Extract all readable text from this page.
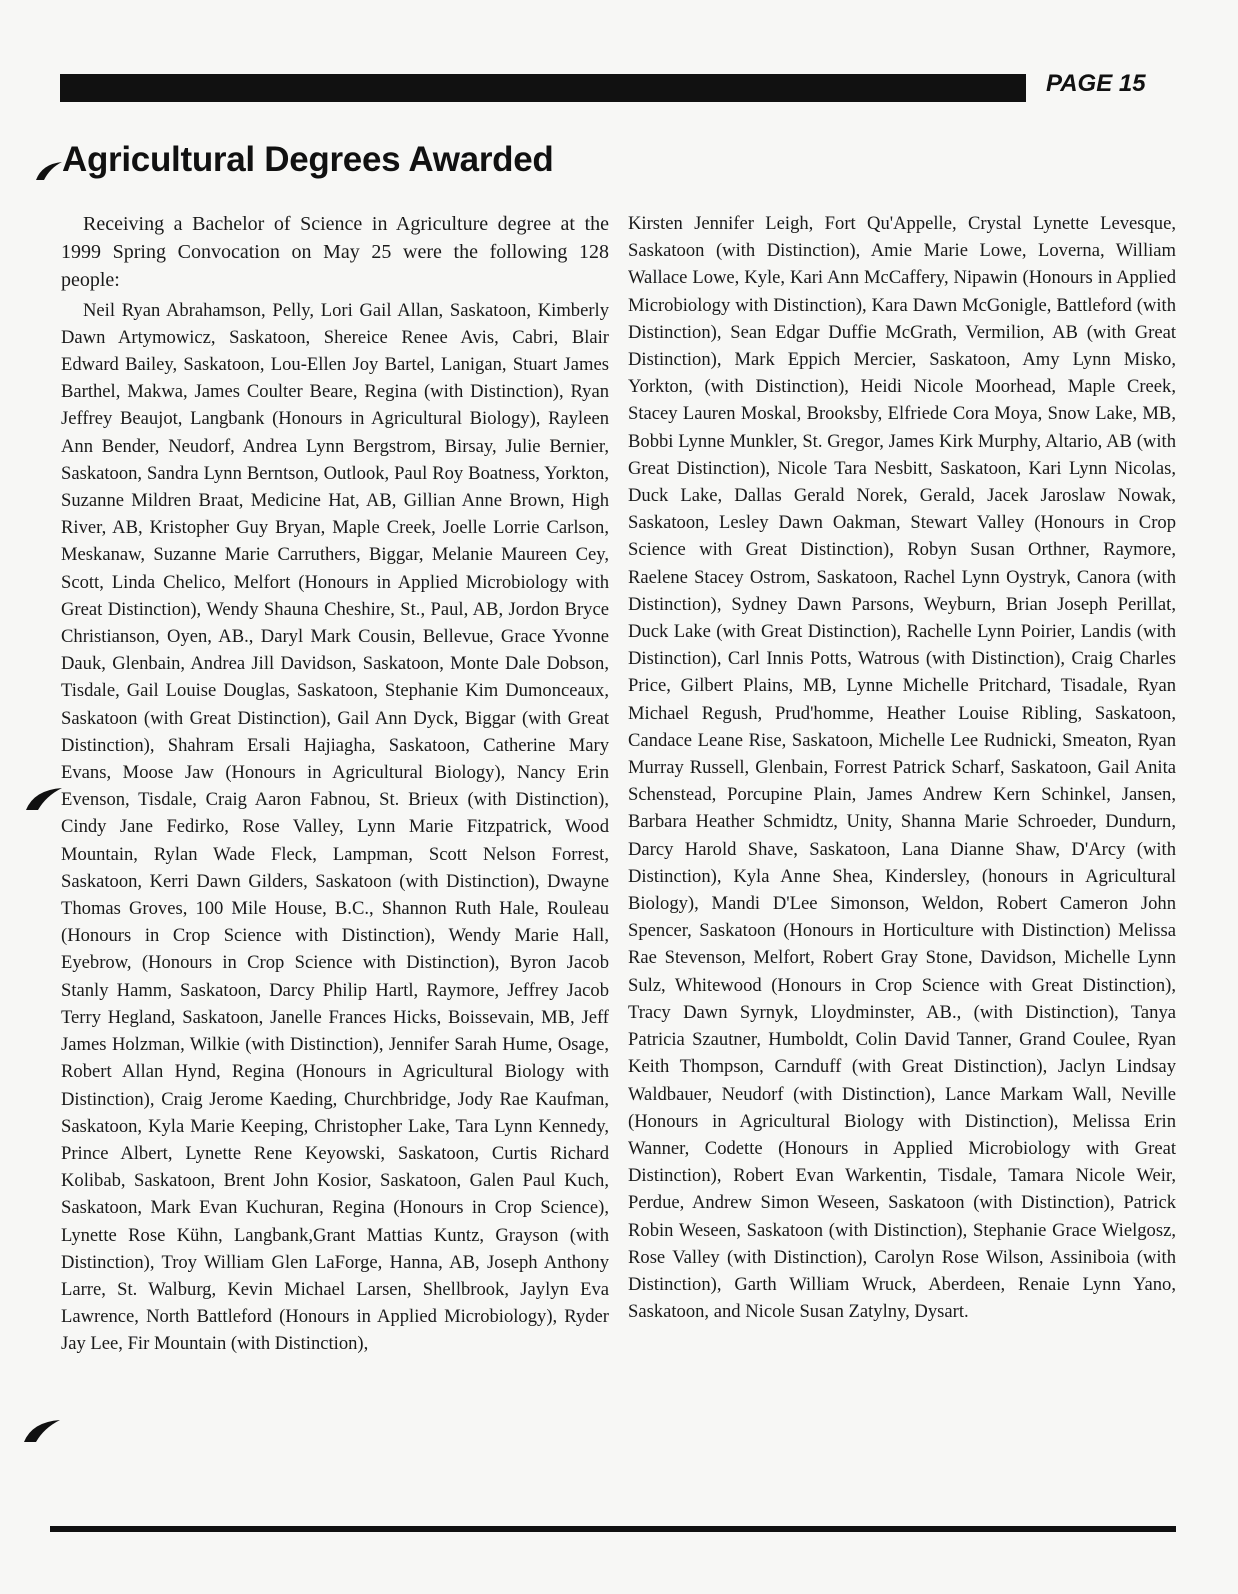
PAGE 15
Agricultural Degrees Awarded

Receiving a Bachelor of Science in Agriculture degree at the 1999 Spring Convocation on May 25 were the following 128 people:

Neil Ryan Abrahamson, Pelly, Lori Gail Allan, Saskatoon, Kimberly Dawn Artymowicz, Saskatoon, Shereice Renee Avis, Cabri, Blair Edward Bailey, Saskatoon, Lou-Ellen Joy Bartel, Lanigan, Stuart James Barthel, Makwa, James Coulter Beare, Regina (with Distinction), Ryan Jeffrey Beaujot, Langbank (Honours in Agricultural Biology), Rayleen Ann Bender, Neudorf, Andrea Lynn Bergstrom, Birsay, Julie Bernier, Saskatoon, Sandra Lynn Berntson, Outlook, Paul Roy Boatness, Yorkton, Suzanne Mildren Braat, Medicine Hat, AB, Gillian Anne Brown, High River, AB, Kristopher Guy Bryan, Maple Creek, Joelle Lorrie Carlson, Meskanaw, Suzanne Marie Carruthers, Biggar, Melanie Maureen Cey, Scott, Linda Chelico, Melfort (Honours in Applied Microbiology with Great Distinction), Wendy Shauna Cheshire, St., Paul, AB, Jordon Bryce Christianson, Oyen, AB., Daryl Mark Cousin, Bellevue, Grace Yvonne Dauk, Glenbain, Andrea Jill Davidson, Saskatoon, Monte Dale Dobson, Tisdale, Gail Louise Douglas, Saskatoon, Stephanie Kim Dumonceaux, Saskatoon (with Great Distinction), Gail Ann Dyck, Biggar (with Great Distinction), Shahram Ersali Hajiagha, Saskatoon, Catherine Mary Evans, Moose Jaw (Honours in Agricultural Biology), Nancy Erin Evenson, Tisdale, Craig Aaron Fabnou, St. Brieux (with Distinction), Cindy Jane Fedirko, Rose Valley, Lynn Marie Fitzpatrick, Wood Mountain, Rylan Wade Fleck, Lampman, Scott Nelson Forrest, Saskatoon, Kerri Dawn Gilders, Saskatoon (with Distinction), Dwayne Thomas Groves, 100 Mile House, B.C., Shannon Ruth Hale, Rouleau (Honours in Crop Science with Distinction), Wendy Marie Hall, Eyebrow, (Honours in Crop Science with Distinction), Byron Jacob Stanly Hamm, Saskatoon, Darcy Philip Hartl, Raymore, Jeffrey Jacob Terry Hegland, Saskatoon, Janelle Frances Hicks, Boissevain, MB, Jeff James Holzman, Wilkie (with Distinction), Jennifer Sarah Hume, Osage, Robert Allan Hynd, Regina (Honours in Agricultural Biology with Distinction), Craig Jerome Kaeding, Churchbridge, Jody Rae Kaufman, Saskatoon, Kyla Marie Keeping, Christopher Lake, Tara Lynn Kennedy, Prince Albert, Lynette Rene Keyowski, Saskatoon, Curtis Richard Kolibab, Saskatoon, Brent John Kosior, Saskatoon, Galen Paul Kuch, Saskatoon, Mark Evan Kuchuran, Regina (Honours in Crop Science), Lynette Rose Kühn, Langbank,Grant Mattias Kuntz, Grayson (with Distinction), Troy William Glen LaForge, Hanna, AB, Joseph Anthony Larre, St. Walburg, Kevin Michael Larsen, Shellbrook, Jaylyn Eva Lawrence, North Battleford (Honours in Applied Microbiology), Ryder Jay Lee, Fir Mountain (with Distinction),

Kirsten Jennifer Leigh, Fort Qu'Appelle, Crystal Lynette Levesque, Saskatoon (with Distinction), Amie Marie Lowe, Loverna, William Wallace Lowe, Kyle, Kari Ann McCaffery, Nipawin (Honours in Applied Microbiology with Distinction), Kara Dawn McGonigle, Battleford (with Distinction), Sean Edgar Duffie McGrath, Vermilion, AB (with Great Distinction), Mark Eppich Mercier, Saskatoon, Amy Lynn Misko, Yorkton, (with Distinction), Heidi Nicole Moorhead, Maple Creek, Stacey Lauren Moskal, Brooksby, Elfriede Cora Moya, Snow Lake, MB, Bobbi Lynne Munkler, St. Gregor, James Kirk Murphy, Altario, AB (with Great Distinction), Nicole Tara Nesbitt, Saskatoon, Kari Lynn Nicolas, Duck Lake, Dallas Gerald Norek, Gerald, Jacek Jaroslaw Nowak, Saskatoon, Lesley Dawn Oakman, Stewart Valley (Honours in Crop Science with Great Distinction), Robyn Susan Orthner, Raymore, Raelene Stacey Ostrom, Saskatoon, Rachel Lynn Oystryk, Canora (with Distinction), Sydney Dawn Parsons, Weyburn, Brian Joseph Perillat, Duck Lake (with Great Distinction), Rachelle Lynn Poirier, Landis (with Distinction), Carl Innis Potts, Watrous (with Distinction), Craig Charles Price, Gilbert Plains, MB, Lynne Michelle Pritchard, Tisadale, Ryan Michael Regush, Prud'homme, Heather Louise Ribling, Saskatoon, Candace Leane Rise, Saskatoon, Michelle Lee Rudnicki, Smeaton, Ryan Murray Russell, Glenbain, Forrest Patrick Scharf, Saskatoon, Gail Anita Schenstead, Porcupine Plain, James Andrew Kern Schinkel, Jansen, Barbara Heather Schmidtz, Unity, Shanna Marie Schroeder, Dundurn, Darcy Harold Shave, Saskatoon, Lana Dianne Shaw, D'Arcy (with Distinction), Kyla Anne Shea, Kindersley, (honours in Agricultural Biology), Mandi D'Lee Simonson, Weldon, Robert Cameron John Spencer, Saskatoon (Honours in Horticulture with Distinction) Melissa Rae Stevenson, Melfort, Robert Gray Stone, Davidson, Michelle Lynn Sulz, Whitewood (Honours in Crop Science with Great Distinction), Tracy Dawn Syrnyk, Lloydminster, AB., (with Distinction), Tanya Patricia Szautner, Humboldt, Colin David Tanner, Grand Coulee, Ryan Keith Thompson, Carnduff (with Great Distinction), Jaclyn Lindsay Waldbauer, Neudorf (with Distinction), Lance Markam Wall, Neville (Honours in Agricultural Biology with Distinction), Melissa Erin Wanner, Codette (Honours in Applied Microbiology with Great Distinction), Robert Evan Warkentin, Tisdale, Tamara Nicole Weir, Perdue, Andrew Simon Weseen, Saskatoon (with Distinction), Patrick Robin Weseen, Saskatoon (with Distinction), Stephanie Grace Wielgosz, Rose Valley (with Distinction), Carolyn Rose Wilson, Assiniboia (with Distinction), Garth William Wruck, Aberdeen, Renaie Lynn Yano, Saskatoon, and Nicole Susan Zatylny, Dysart.
